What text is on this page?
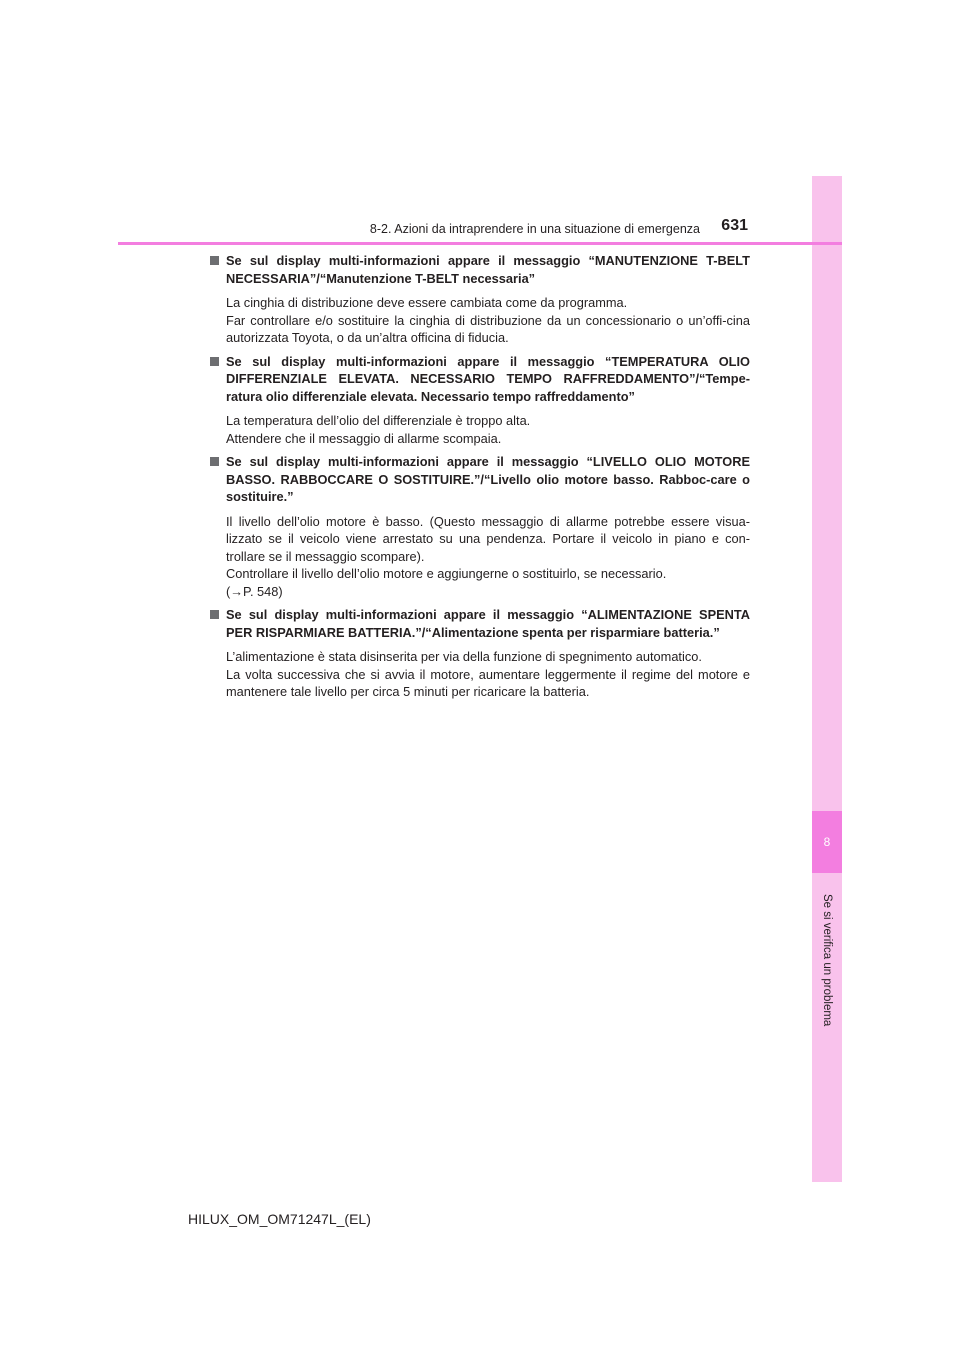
8
Se si verifica un problema
8-2. Azioni da intraprendere in una situazione di emergenza	631
Se sul display multi-informazioni appare il messaggio “MANUTENZIONE T-BELT NECESSARIA”/“Manutenzione T-BELT necessaria”

La cinghia di distribuzione deve essere cambiata come da programma.

Far controllare e/o sostituire la cinghia di distribuzione da un concessionario o un’offi-cina autorizzata Toyota, o da un’altra officina di fiducia.

Se sul display multi-informazioni appare il messaggio “TEMPERATURA OLIO DIFFERENZIALE ELEVATA. NECESSARIO TEMPO RAFFREDDAMENTO”/“Tempe-ratura olio differenziale elevata. Necessario tempo raffreddamento”

La temperatura dell’olio del differenziale è troppo alta.

Attendere che il messaggio di allarme scompaia.

Se sul display multi-informazioni appare il messaggio “LIVELLO OLIO MOTORE BASSO. RABBOCCARE O SOSTITUIRE.”/“Livello olio motore basso. Rabboc-care o sostituire.”

Il livello dell’olio motore è basso. (Questo messaggio di allarme potrebbe essere visua-lizzato se il veicolo viene arrestato su una pendenza. Portare il veicolo in piano e con-trollare se il messaggio scompare).

Controllare il livello dell’olio motore e aggiungerne o sostituirlo, se necessario.

(→P. 548)

Se sul display multi-informazioni appare il messaggio “ALIMENTAZIONE SPENTA PER RISPARMIARE BATTERIA.”/“Alimentazione spenta per risparmiare batteria.”

L’alimentazione è stata disinserita per via della funzione di spegnimento automatico.

La volta successiva che si avvia il motore, aumentare leggermente il regime del motore e mantenere tale livello per circa 5 minuti per ricaricare la batteria.

HILUX_OM_OM71247L_(EL)
